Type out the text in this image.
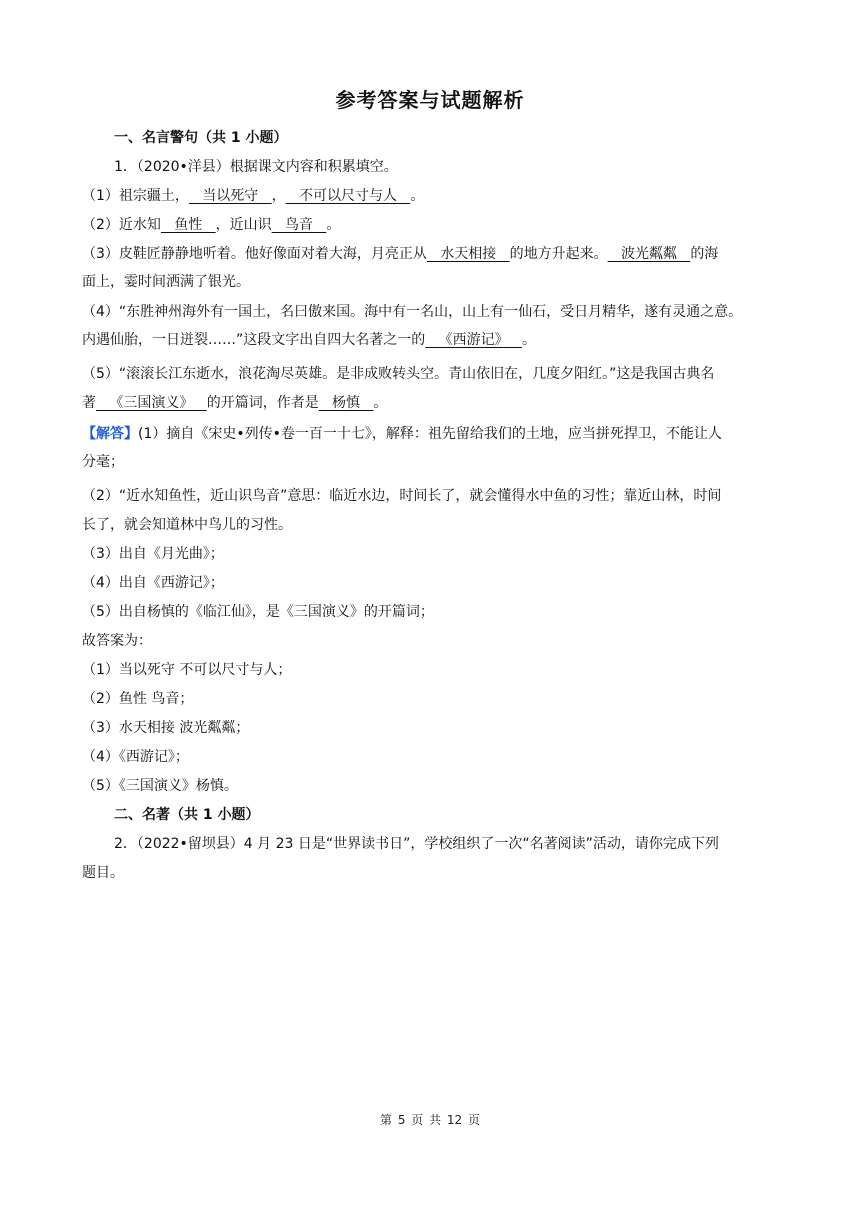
参考答案与试题解析
一、名言警句（共 1 小题）
1．（2020•洋县）根据课文内容和积累填空。
（1）祖宗疆土，   当以死守   ，   不可以尺寸与人   。
（2）近水知   鱼性   ，近山识   鸟音   。
（3）皮鞋匠静静地听着。他好像面对着大海，月亮正从   水天相接   的地方升起来。   波光粼粼   的海
面上，霎时间洒满了银光。
（4）“东胜神州海外有一国土，名曰傲来国。海中有一名山，山上有一仙石，受日月精华，遂有灵通之意。
内遇仙胎，一日迸裂……”这段文字出自四大名著之一的   《西游记》   。
（5）“滚滚长江东逝水，浪花淘尽英雄。是非成败转头空。青山依旧在，几度夕阳红。”这是我国古典名
著   《三国演义》   的开篇词，作者是   杨慎   。
【解答】(1）摘自《宋史•列传•卷一百一十七》，解释：祖先留给我们的土地，应当拼死捍卫，不能让人
分毫；
（2）“近水知鱼性，近山识鸟音”意思：临近水边，时间长了，就会懂得水中鱼的习性；靠近山林，时间
长了，就会知道林中鸟儿的习性。
（3）出自《月光曲》；
（4）出自《西游记》；
（5）出自杨慎的《临江仙》，是《三国演义》的开篇词；
故答案为：
（1）当以死守 不可以尺寸与人；
（2）鱼性 鸟音；
（3）水天相接 波光粼粼；
（4）《西游记》；
（5）《三国演义》杨慎。
二、名著（共 1 小题）
2．（2022•留坝县）4 月 23 日是“世界读书日”，学校组织了一次“名著阅读”活动，请你完成下列
题目。
第 5 页 共 12 页
